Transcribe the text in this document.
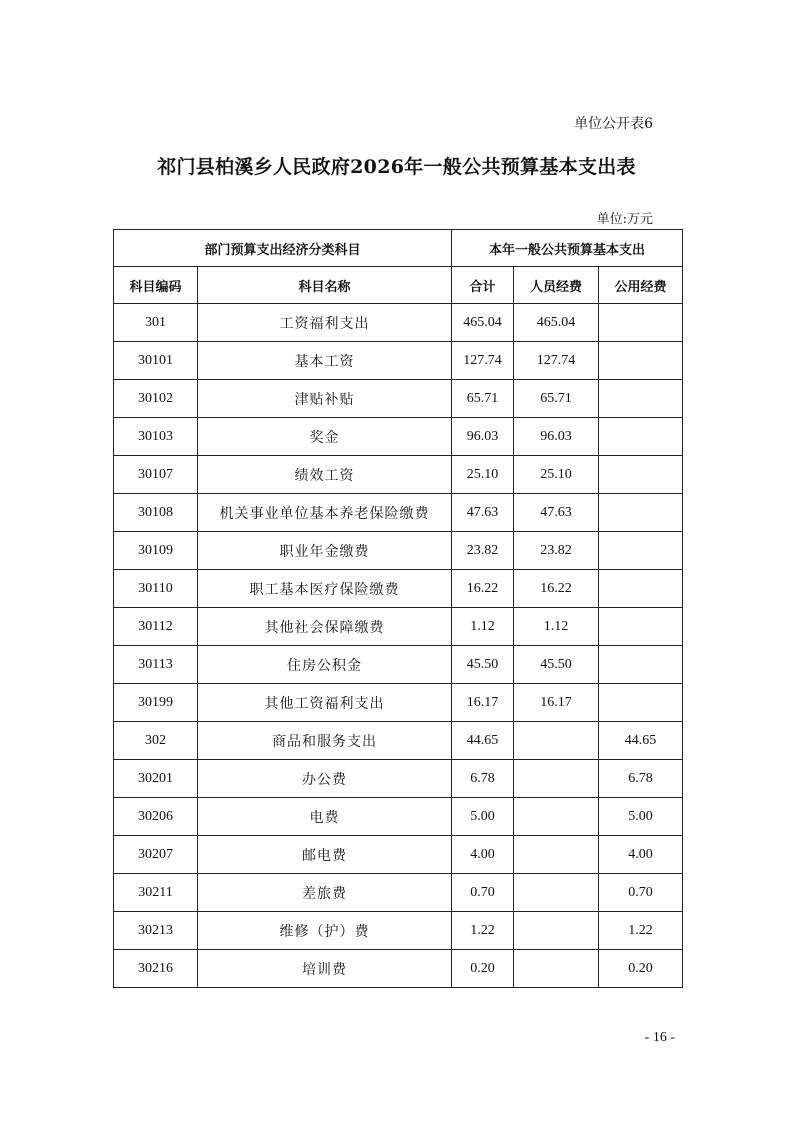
单位公开表6
祁门县柏溪乡人民政府2026年一般公共预算基本支出表
单位:万元
部门预算支出经济分类科目		本年一般公共预算基本支出		
科目编码	科目名称	合计	人员经费	公用经费
301	工资福利支出	465.04	465.04	
30101	基本工资	127.74	127.74	
30102	津贴补贴	65.71	65.71	
30103	奖金	96.03	96.03	
30107	绩效工资	25.10	25.10	
30108	机关事业单位基本养老保险缴费	47.63	47.63	
30109	职业年金缴费	23.82	23.82	
30110	职工基本医疗保险缴费	16.22	16.22	
30112	其他社会保障缴费	1.12	1.12	
30113	住房公积金	45.50	45.50	
30199	其他工资福利支出	16.17	16.17	
302	商品和服务支出	44.65		44.65
30201	办公费	6.78		6.78
30206	电费	5.00		5.00
30207	邮电费	4.00		4.00
30211	差旅费	0.70		0.70
30213	维修（护）费	1.22		1.22
30216	培训费	0.20		0.20
- 16 -
